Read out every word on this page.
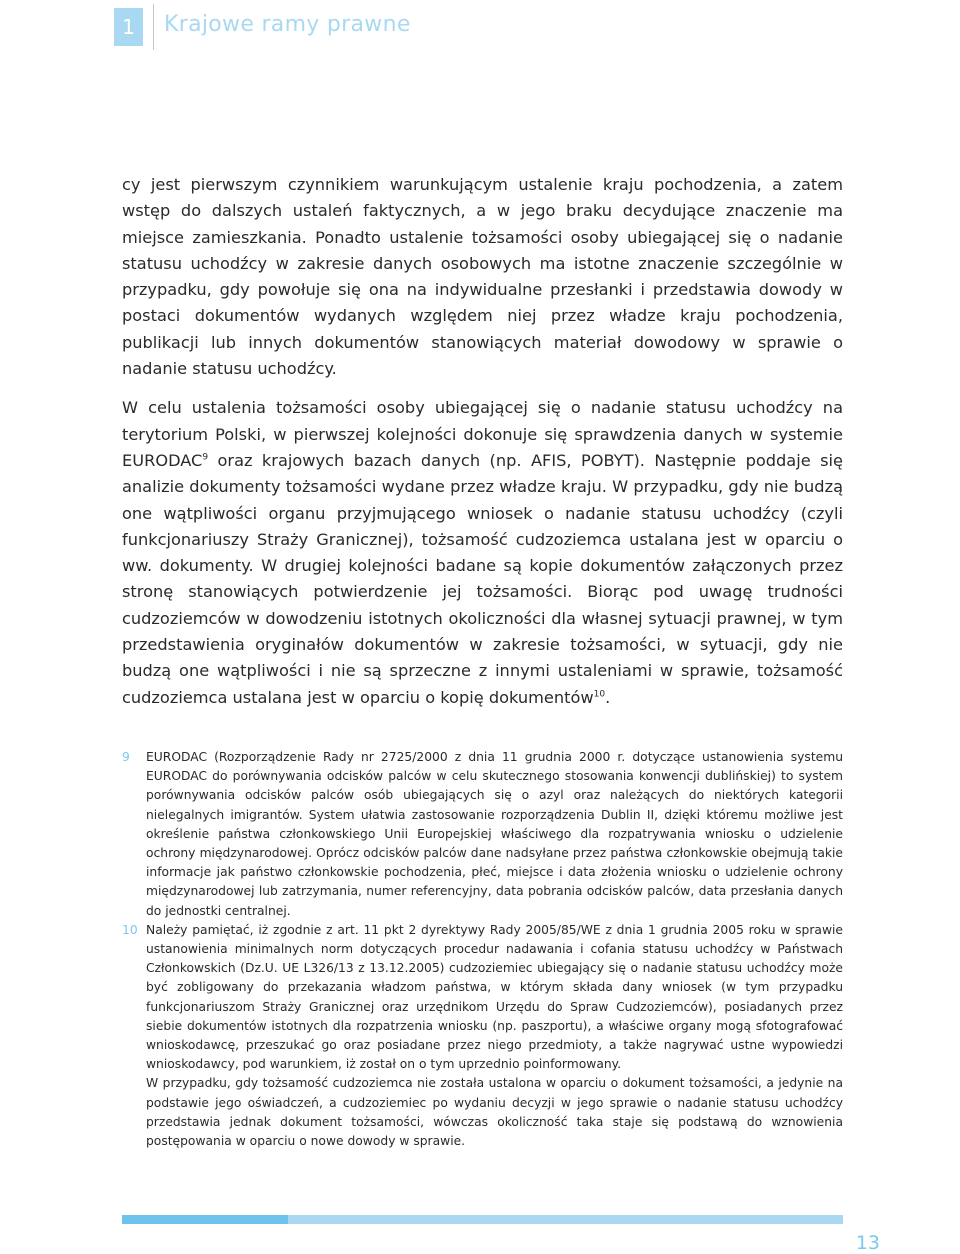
1	Krajowe ramy prawne

cy jest pierwszym czynnikiem warunkującym ustalenie kraju pochodzenia, a zatem wstęp do dalszych ustaleń faktycznych, a w jego braku decydujące znaczenie ma miejsce zamieszkania. Ponadto ustalenie tożsamości osoby ubiegającej się o nadanie statusu uchodźcy w zakresie danych osobowych ma istotne znaczenie szczególnie w przypadku, gdy powołuje się ona na indywidualne przesłanki i przedstawia dowody w postaci dokumentów wydanych względem niej przez władze kraju pochodzenia, publikacji lub innych dokumentów stanowiących materiał dowodowy w sprawie o nadanie statusu uchodźcy.

W celu ustalenia tożsamości osoby ubiegającej się o nadanie statusu uchodźcy na terytorium Polski, w pierwszej kolejności dokonuje się sprawdzenia danych w systemie EURODAC$^9$ oraz krajowych bazach danych (np. AFIS, POBYT). Następnie poddaje się analizie dokumenty tożsamości wydane przez władze kraju. W przypadku, gdy nie budzą one wątpliwości organu przyjmującego wniosek o nadanie statusu uchodźcy (czyli funkcjonariuszy Straży Granicznej), tożsamość cudzoziemca ustalana jest w oparciu o ww. dokumenty. W drugiej kolejności badane są kopie dokumentów załączonych przez stronę stanowiących potwierdzenie jej tożsamości. Biorąc pod uwagę trudności cudzoziemców w dowodzeniu istotnych okoliczności dla własnej sytuacji prawnej, w tym przedstawienia oryginałów dokumentów w zakresie tożsamości, w sytuacji, gdy nie budzą one wątpliwości i nie są sprzeczne z innymi ustaleniami w sprawie, tożsamość cudzoziemca ustalana jest w oparciu o kopię dokumentów$^{10}$.

9 EURODAC (Rozporządzenie Rady nr 2725/2000 z dnia 11 grudnia 2000 r. dotyczące ustanowienia systemu EURODAC do porównywania odcisków palców w celu skutecznego stosowania konwencji dublińskiej) to system porównywania odcisków palców osób ubiegających się o azyl oraz należących do niektórych kategorii nielegalnych imigrantów. System ułatwia zastosowanie rozporządzenia Dublin II, dzięki któremu możliwe jest określenie państwa członkowskiego Unii Europejskiej właściwego dla rozpatrywania wniosku o udzielenie ochrony międzynarodowej. Oprócz odcisków palców dane nadsyłane przez państwa członkowskie obejmują takie informacje jak państwo członkowskie pochodzenia, płeć, miejsce i data złożenia wniosku o udzielenie ochrony międzynarodowej lub zatrzymania, numer referencyjny, data pobrania odcisków palców, data przesłania danych do jednostki centralnej.
10 Należy pamiętać, iż zgodnie z art. 11 pkt 2 dyrektywy Rady 2005/85/WE z dnia 1 grudnia 2005 roku w sprawie ustanowienia minimalnych norm dotyczących procedur nadawania i cofania statusu uchodźcy w Państwach Członkowskich (Dz.U. UE L326/13 z 13.12.2005) cudzoziemiec ubiegający się o nadanie statusu uchodźcy może być zobligowany do przekazania władzom państwa, w którym składa dany wniosek (w tym przypadku funkcjonariuszom Straży Granicznej oraz urzędnikom Urzędu do Spraw Cudzoziemców), posiadanych przez siebie dokumentów istotnych dla rozpatrzenia wniosku (np. paszportu), a właściwe organy mogą sfotografować wnioskodawcę, przeszukać go oraz posiadane przez niego przedmioty, a także nagrywać ustne wypowiedzi wnioskodawcy, pod warunkiem, iż został on o tym uprzednio poinformowany.
W przypadku, gdy tożsamość cudzoziemca nie została ustalona w oparciu o dokument tożsamości, a jedynie na podstawie jego oświadczeń, a cudzoziemiec po wydaniu decyzji w jego sprawie o nadanie statusu uchodźcy przedstawia jednak dokument tożsamości, wówczas okoliczność taka staje się podstawą do wznowienia postępowania w oparciu o nowe dowody w sprawie.
13
